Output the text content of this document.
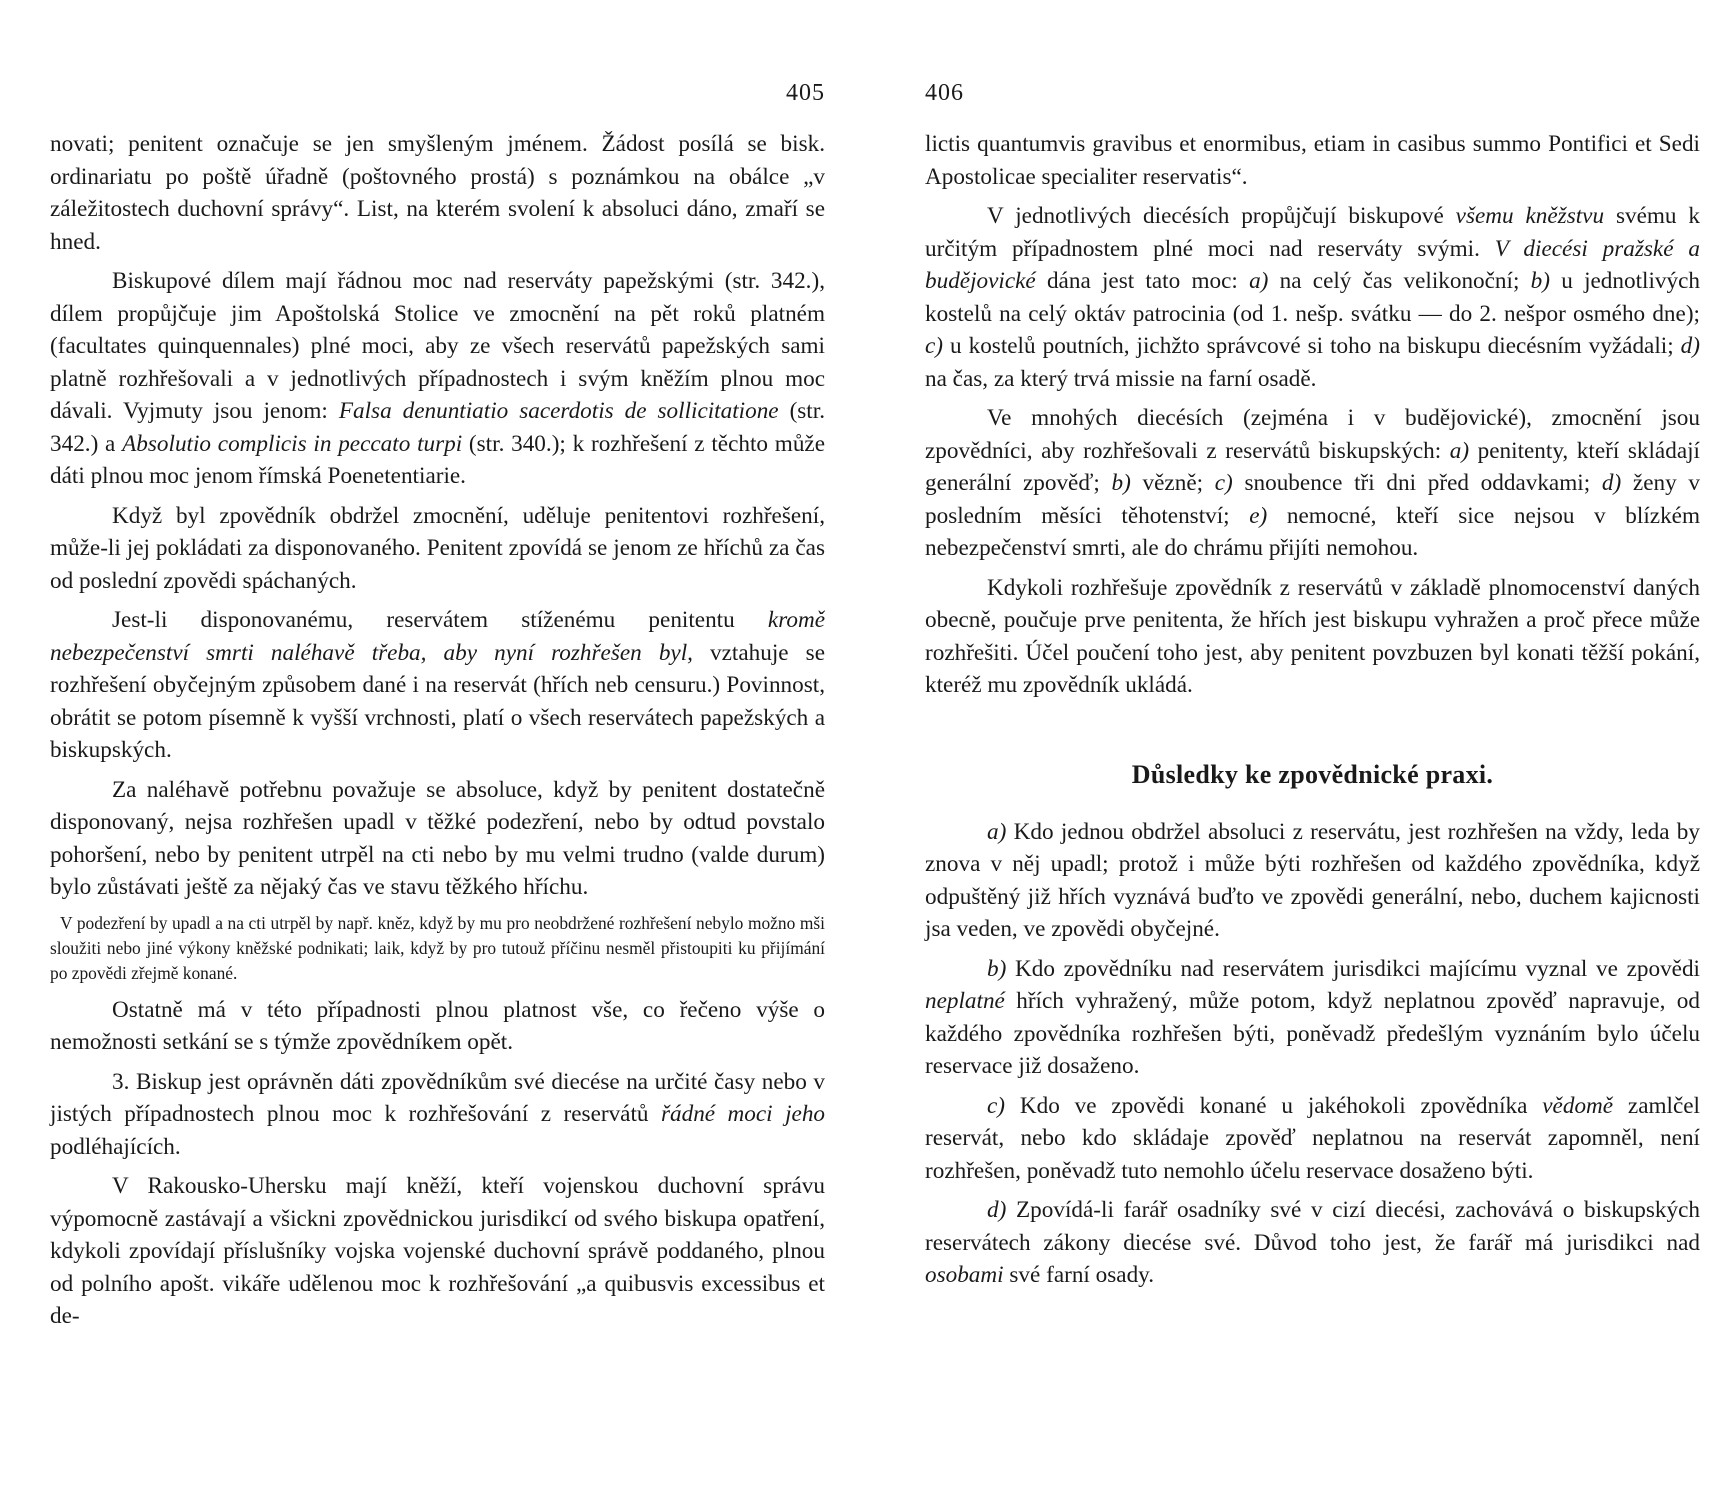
405

novati; penitent označuje se jen smyšleným jménem. Žádost posílá se bisk. ordinariatu po poště úřadně (poštovného prostá) s poznámkou na obálce „v záležitostech duchovní správy“. List, na kterém svolení k absoluci dáno, zmaří se hned.

Biskupové dílem mají řádnou moc nad reserváty papežskými (str. 342.), dílem propůjčuje jim Apoštolská Stolice ve zmocnění na pět roků platném (facultates quinquennales) plné moci, aby ze všech reservátů papežských sami platně rozhřešovali a v jednotlivých případnostech i svým kněžím plnou moc dávali. Vyjmuty jsou jenom: Falsa denuntiatio sacerdotis de sollicitatione (str. 342.) a Absolutio complicis in peccato turpi (str. 340.); k rozhřešení z těchto může dáti plnou moc jenom římská Poenetentiarie.

Když byl zpovědník obdržel zmocnění, uděluje penitentovi rozhřešení, může-li jej pokládati za disponovaného. Penitent zpovídá se jenom ze hříchů za čas od poslední zpovědi spáchaných.

Jest-li disponovanému, reservátem stíženému penitentu kromě nebezpečenství smrti naléhavě třeba, aby nyní rozhřešen byl, vztahuje se rozhřešení obyčejným způsobem dané i na reservát (hřích neb censuru.) Povinnost, obrátit se potom písemně k vyšší vrchnosti, platí o všech reservátech papežských a biskupských.

Za naléhavě potřebnu považuje se absoluce, když by penitent dostatečně disponovaný, nejsa rozhřešen upadl v těžké podezření, nebo by odtud povstalo pohoršení, nebo by penitent utrpěl na cti nebo by mu velmi trudno (valde durum) bylo zůstávati ještě za nějaký čas ve stavu těžkého hříchu.

V podezření by upadl a na cti utrpěl by např. kněz, když by mu pro neobdržené rozhřešení nebylo možno mši sloužiti nebo jiné výkony kněžské podnikati; laik, když by pro tutouž příčinu nesměl přistoupiti ku přijímání po zpovědi zřejmě konané.

Ostatně má v této případnosti plnou platnost vše, co řečeno výše o nemožnosti setkání se s týmže zpovědníkem opět.

3. Biskup jest oprávněn dáti zpovědníkům své diecése na určité časy nebo v jistých případnostech plnou moc k rozhřešování z reservátů řádné moci jeho podléhajících.

V Rakousko-Uhersku mají kněží, kteří vojenskou duchovní správu výpomocně zastávají a všickni zpovědnickou jurisdikcí od svého biskupa opatření, kdykoli zpovídají příslušníky vojska vojenské duchovní správě poddaného, plnou od polního apošt. vikáře udělenou moc k rozhřešování „a quibusvis excessibus et de-

406

lictis quantumvis gravibus et enormibus, etiam in casibus summo Pontifici et Sedi Apostolicae specialiter reservatis“.

V jednotlivých diecésích propůjčují biskupové všemu kněžstvu svému k určitým případnostem plné moci nad reserváty svými. V diecési pražské a budějovické dána jest tato moc: a) na celý čas velikonoční; b) u jednotlivých kostelů na celý oktáv patrocinia (od 1. nešp. svátku — do 2. nešpor osmého dne); c) u kostelů poutních, jichžto správcové si toho na biskupu diecésním vyžádali; d) na čas, za který trvá missie na farní osadě.

Ve mnohých diecésích (zejména i v budějovické), zmocnění jsou zpovědníci, aby rozhřešovali z reservátů biskupských: a) penitenty, kteří skládají generální zpověď; b) vězně; c) snoubence tři dni před oddavkami; d) ženy v posledním měsíci těhotenství; e) nemocné, kteří sice nejsou v blízkém nebezpečenství smrti, ale do chrámu přijíti nemohou.

Kdykoli rozhřešuje zpovědník z reservátů v základě plnomocenství daných obecně, poučuje prve penitenta, že hřích jest biskupu vyhražen a proč přece může rozhřešiti. Účel poučení toho jest, aby penitent povzbuzen byl konati těžší pokání, kteréž mu zpovědník ukládá.

Důsledky ke zpovědnické praxi.

a) Kdo jednou obdržel absoluci z reservátu, jest rozhřešen na vždy, leda by znova v něj upadl; protož i může býti rozhřešen od každého zpovědníka, když odpuštěný již hřích vyznává buďto ve zpovědi generální, nebo, duchem kajicnosti jsa veden, ve zpovědi obyčejné.

b) Kdo zpovědníku nad reservátem jurisdikci majícímu vyznal ve zpovědi neplatné hřích vyhražený, může potom, když neplatnou zpověď napravuje, od každého zpovědníka rozhřešen býti, poněvadž předešlým vyznáním bylo účelu reservace již dosaženo.

c) Kdo ve zpovědi konané u jakéhokoli zpovědníka vědomě zamlčel reservát, nebo kdo skládaje zpověď neplatnou na reservát zapomněl, není rozhřešen, poněvadž tuto nemohlo účelu reservace dosaženo býti.

d) Zpovídá-li farář osadníky své v cizí diecési, zachovává o biskupských reservátech zákony diecése své. Důvod toho jest, že farář má jurisdikci nad osobami své farní osady.
